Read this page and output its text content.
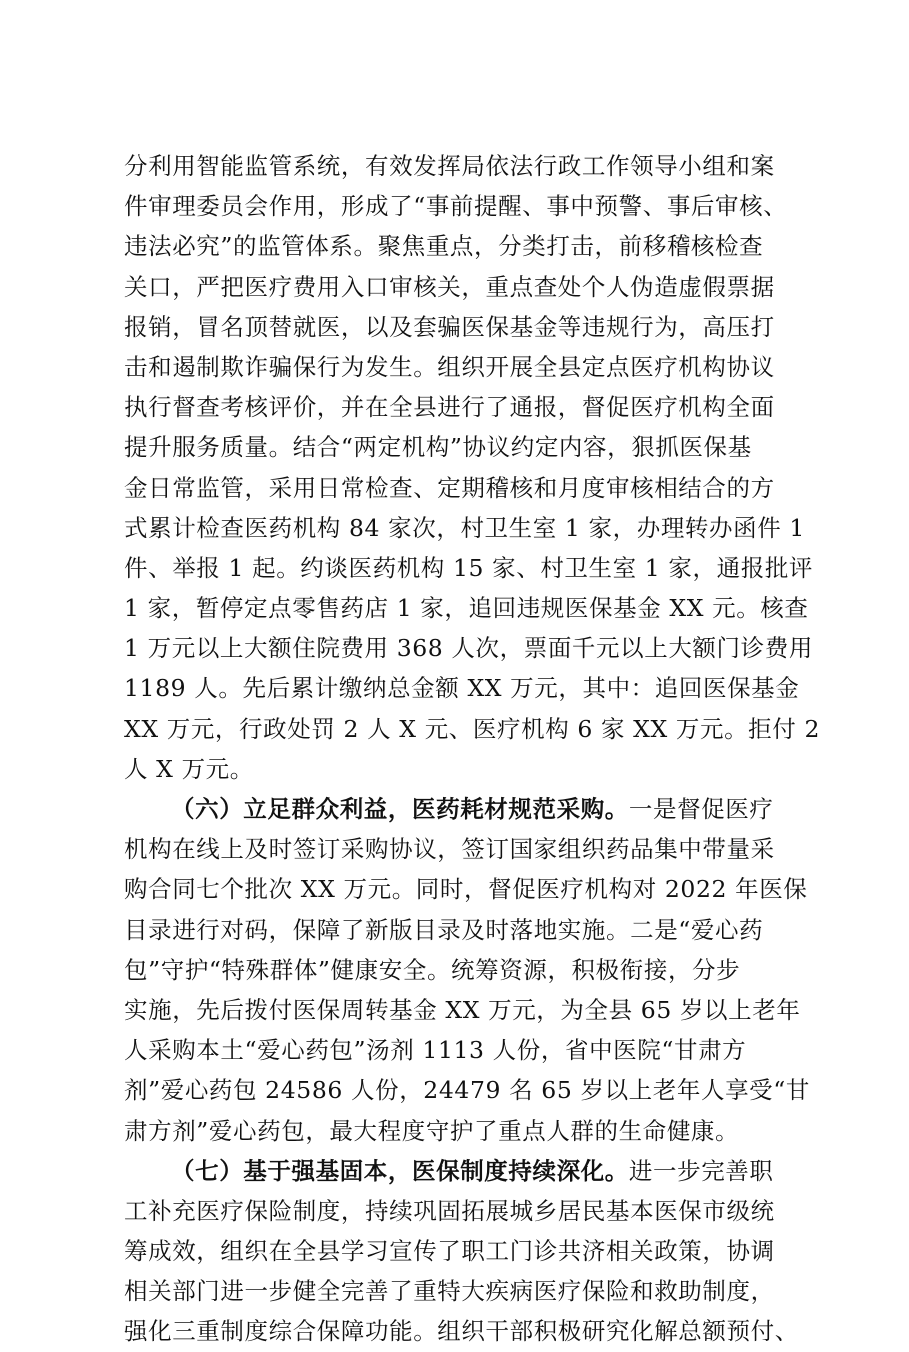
分利用智能监管系统，有效发挥局依法行政工作领导小组和案
件审理委员会作用，形成了“事前提醒、事中预警、事后审核、
违法必究”的监管体系。聚焦重点，分类打击，前移稽核检查
关口，严把医疗费用入口审核关，重点查处个人伪造虚假票据
报销，冒名顶替就医，以及套骗医保基金等违规行为，高压打
击和遏制欺诈骗保行为发生。组织开展全县定点医疗机构协议
执行督查考核评价，并在全县进行了通报，督促医疗机构全面
提升服务质量。结合“两定机构”协议约定内容，狠抓医保基
金日常监管，采用日常检查、定期稽核和月度审核相结合的方
式累计检查医药机构 84 家次，村卫生室 1 家，办理转办函件 1
件、举报 1 起。约谈医药机构 15 家、村卫生室 1 家，通报批评
1 家，暂停定点零售药店 1 家，追回违规医保基金 XX 元。核查
1 万元以上大额住院费用 368 人次，票面千元以上大额门诊费用
1189 人。先后累计缴纳总金额 XX 万元，其中：追回医保基金
XX 万元，行政处罚 2 人 X 元、医疗机构 6 家 XX 万元。拒付 2
人 X 万元。
（六）立足群众利益，医药耗材规范采购。一是督促医疗
机构在线上及时签订采购协议，签订国家组织药品集中带量采
购合同七个批次 XX 万元。同时，督促医疗机构对 2022 年医保
目录进行对码，保障了新版目录及时落地实施。二是“爱心药
包”守护“特殊群体”健康安全。统筹资源，积极衔接，分步
实施，先后拨付医保周转基金 XX 万元，为全县 65 岁以上老年
人采购本土“爱心药包”汤剂 1113 人份，省中医院“甘肃方
剂”爱心药包 24586 人份，24479 名 65 岁以上老年人享受“甘
肃方剂”爱心药包，最大程度守护了重点人群的生命健康。
（七）基于强基固本，医保制度持续深化。进一步完善职
工补充医疗保险制度，持续巩固拓展城乡居民基本医保市级统
筹成效，组织在全县学习宣传了职工门诊共济相关政策，协调
相关部门进一步健全完善了重特大疾病医疗保险和救助制度，
强化三重制度综合保障功能。组织干部积极研究化解总额预付、
